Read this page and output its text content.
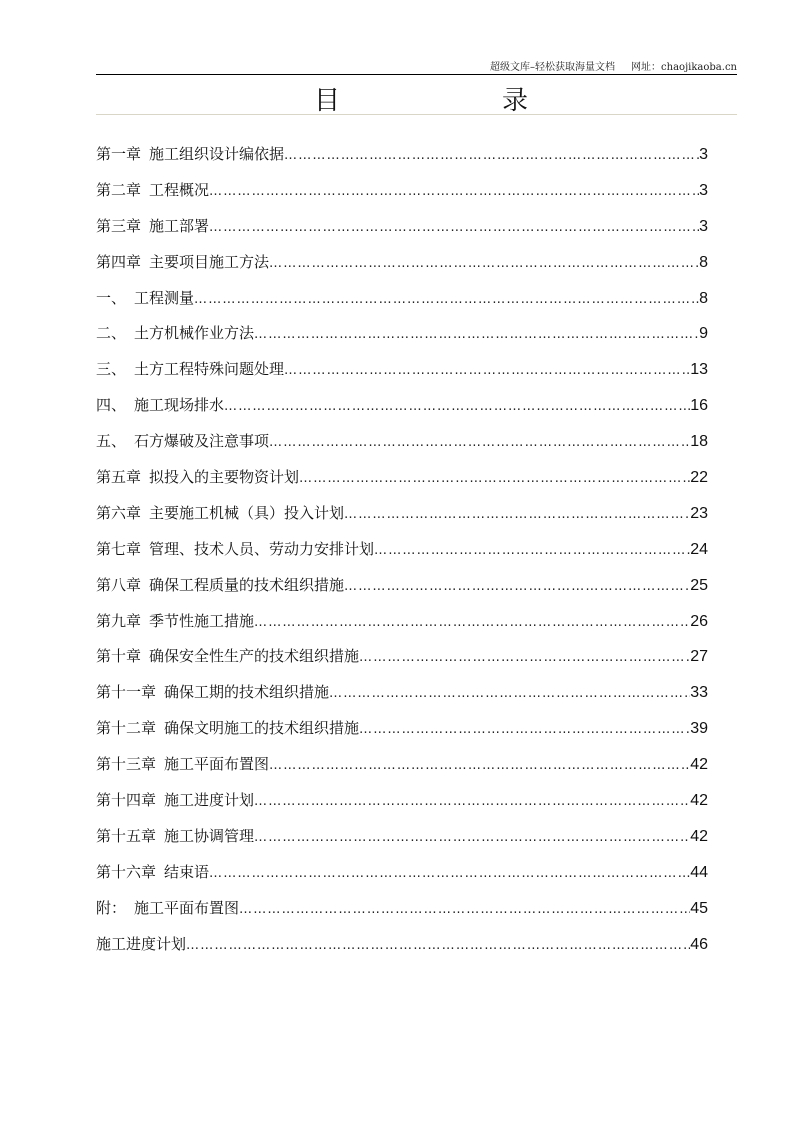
超级文库–轻松获取海量文档 网址：chaojikaoba.cn
目	录
第一章 施工组织设计编依据 …………………………………………………………………………………………………………………………………………	3
第二章 工程概况 …………………………………………………………………………………………………………………………………………	3
第三章 施工部署 …………………………………………………………………………………………………………………………………………	3
第四章 主要项目施工方法 …………………………………………………………………………………………………………………………………………	8
一、 工程测量 …………………………………………………………………………………………………………………………………………	8
二、 土方机械作业方法 …………………………………………………………………………………………………………………………………………	9
三、 土方工程特殊问题处理 …………………………………………………………………………………………………………………………………………	13
四、 施工现场排水 …………………………………………………………………………………………………………………………………………	16
五、 石方爆破及注意事项 …………………………………………………………………………………………………………………………………………	18
第五章 拟投入的主要物资计划 …………………………………………………………………………………………………………………………………………	22
第六章 主要施工机械（具）投入计划 …………………………………………………………………………………………………………………………………………	23
第七章 管理、技术人员、劳动力安排计划 …………………………………………………………………………………………………………………………………………	24
第八章 确保工程质量的技术组织措施 …………………………………………………………………………………………………………………………………………	25
第九章 季节性施工措施 …………………………………………………………………………………………………………………………………………	26
第十章 确保安全性生产的技术组织措施 …………………………………………………………………………………………………………………………………………	27
第十一章 确保工期的技术组织措施 …………………………………………………………………………………………………………………………………………	33
第十二章 确保文明施工的技术组织措施 …………………………………………………………………………………………………………………………………………	39
第十三章 施工平面布置图 …………………………………………………………………………………………………………………………………………	42
第十四章 施工进度计划 …………………………………………………………………………………………………………………………………………	42
第十五章 施工协调管理 …………………………………………………………………………………………………………………………………………	42
第十六章 结束语 …………………………………………………………………………………………………………………………………………	44
附： 施工平面布置图 …………………………………………………………………………………………………………………………………………	45
施工进度计划 …………………………………………………………………………………………………………………………………………	46
